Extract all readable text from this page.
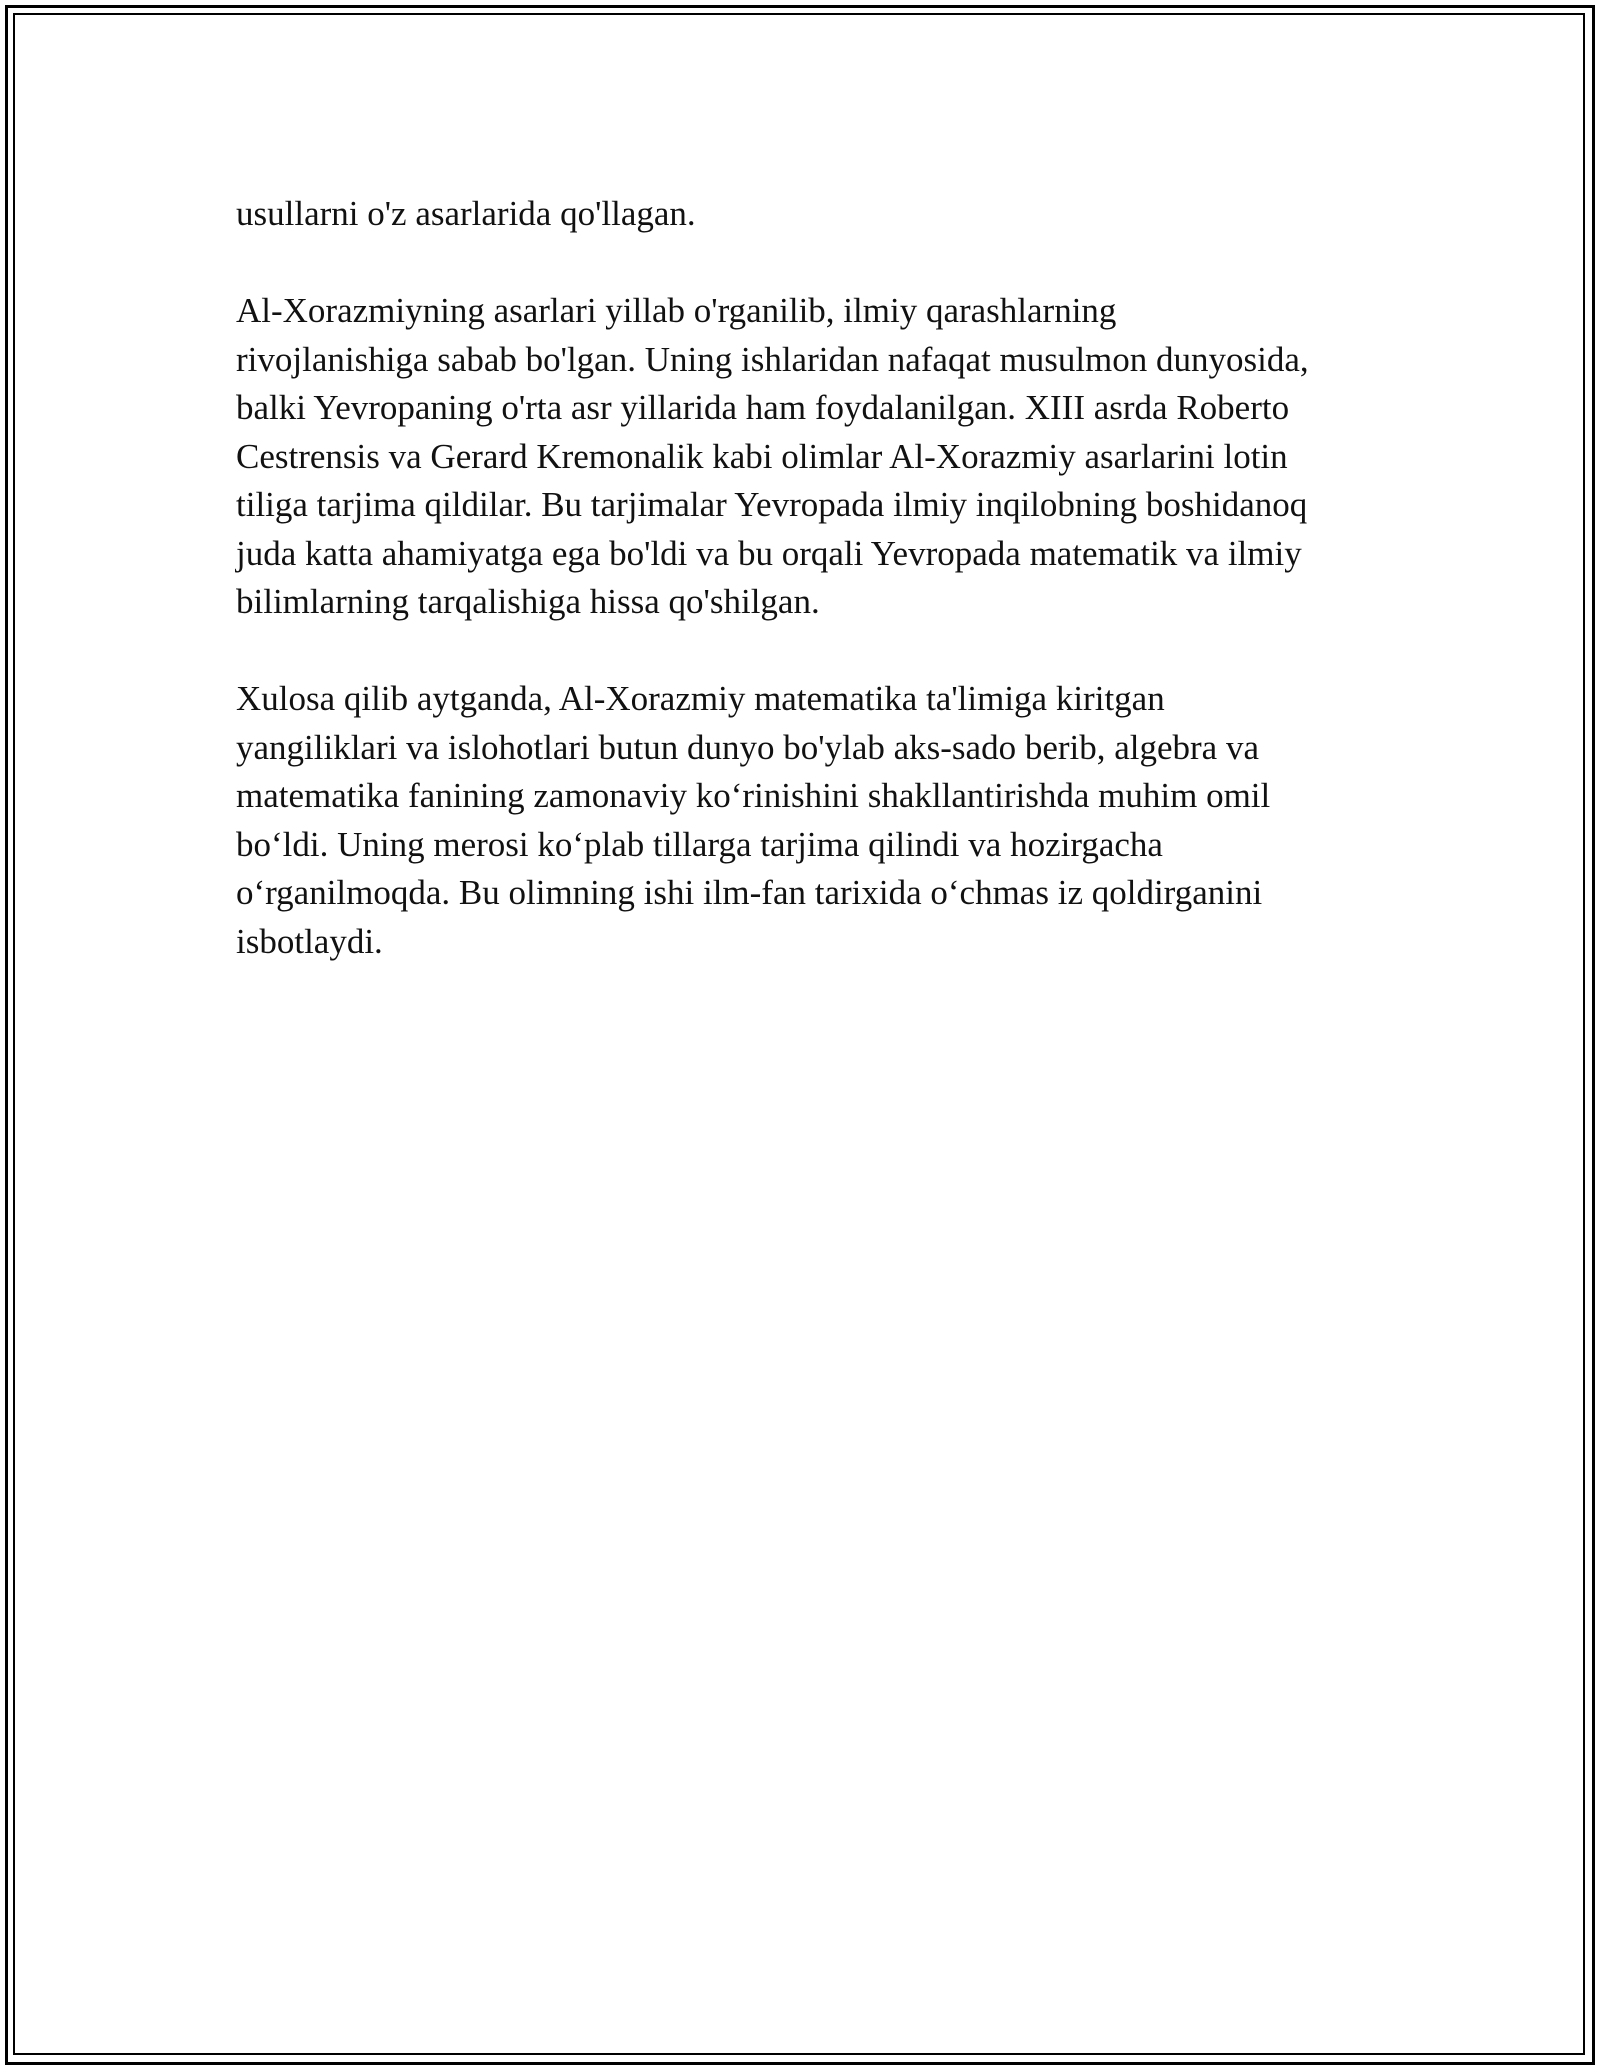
usullarni o'z asarlarida qo'llagan.

Al-Xorazmiyning asarlari yillab o'rganilib, ilmiy qarashlarning
rivojlanishiga sabab bo'lgan. Uning ishlaridan nafaqat musulmon dunyosida,
balki Yevropaning o'rta asr yillarida ham foydalanilgan. XIII asrda Roberto
Cestrensis va Gerard Kremonalik kabi olimlar Al-Xorazmiy asarlarini lotin
tiliga tarjima qildilar. Bu tarjimalar Yevropada ilmiy inqilobning boshidanoq
juda katta ahamiyatga ega bo'ldi va bu orqali Yevropada matematik va ilmiy
bilimlarning tarqalishiga hissa qo'shilgan.

Xulosa qilib aytganda, Al-Xorazmiy matematika ta'limiga kiritgan
yangiliklari va islohotlari butun dunyo bo'ylab aks-sado berib, algebra va
matematika fanining zamonaviy ko‘rinishini shakllantirishda muhim omil
bo‘ldi. Uning merosi ko‘plab tillarga tarjima qilindi va hozirgacha
o‘rganilmoqda. Bu olimning ishi ilm-fan tarixida o‘chmas iz qoldirganini
isbotlaydi.
